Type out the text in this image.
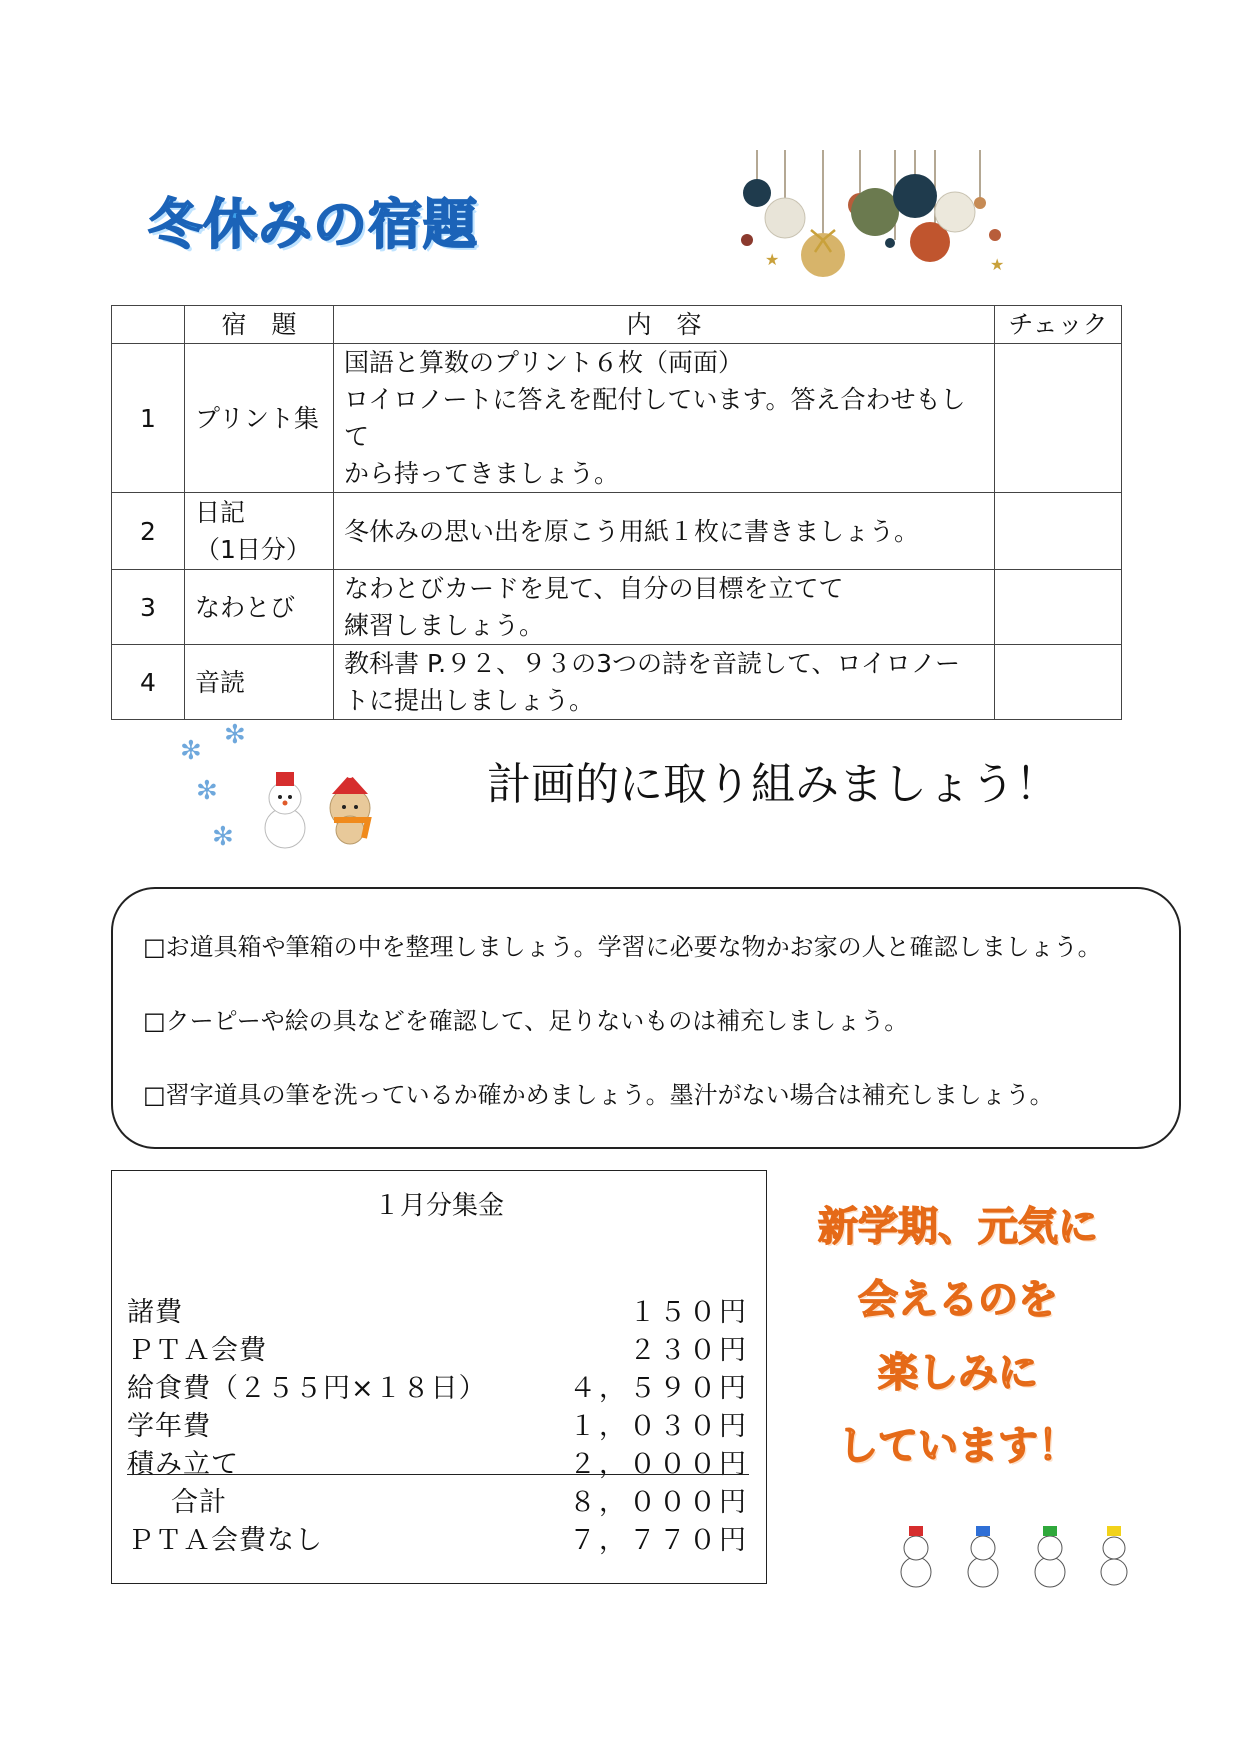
冬休みの宿題
★	★
	宿　題	内　容	チェック
1	プリント集	国語と算数のプリント６枚（両面）
ロイロノートに答えを配付しています。答え合わせもして
から持ってきましょう。	

2	日記
（1日分）	冬休みの思い出を原こう用紙１枚に書きましょう。	

3	なわとび	なわとびカードを見て、自分の目標を立てて
練習しましょう。	

4	音読	教科書 P.９２、９３の3つの詩を音読して、ロイロノー
トに提出しましょう。	

✻
✻
✻
✻
計画的に取り組みましょう！
□お道具箱や筆箱の中を整理しましょう。学習に必要な物かお家の人と確認しましょう。
□クーピーや絵の具などを確認して、足りないものは補充しましょう。
□習字道具の筆を洗っているか確かめましょう。墨汁がない場合は補充しましょう。
１月分集金
諸費	１５０円
ＰＴＡ会費	２３０円
給食費（２５５円×１８日）	４，５９０円
学年費	１，０３０円
積み立て	２，０００円
合計	８，０００円
ＰＴＡ会費なし	７，７７０円
新学期、元気に
会えるのを
楽しみに
しています！
